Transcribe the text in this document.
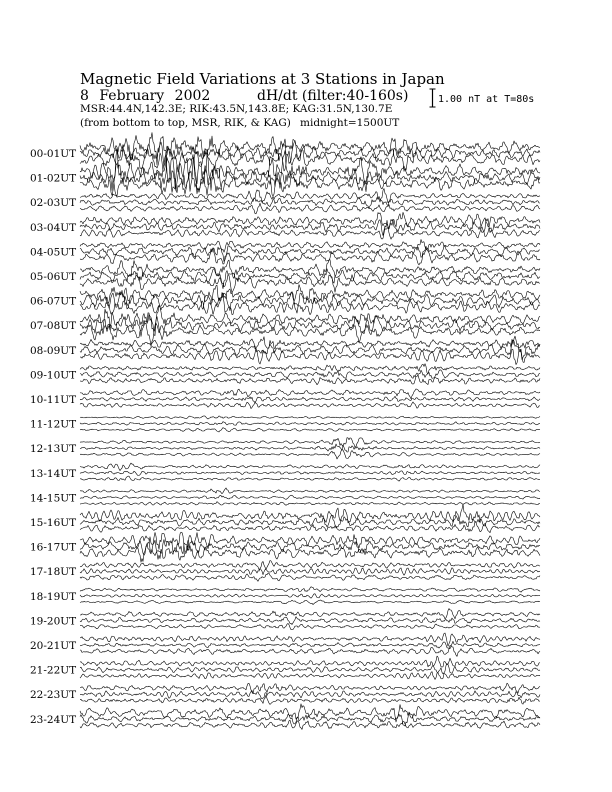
Magnetic Field Variations at 3 Stations in Japan
8 February 2002	dH/dt (filter:40-160s)
MSR:44.4N,142.3E; RIK:43.5N,143.8E; KAG:31.5N,130.7E
(from bottom to top, MSR, RIK, & KAG) midnight=1500UT
1.00 nT at T=80s
00-01UT
01-02UT
02-03UT
03-04UT
04-05UT
05-06UT
06-07UT
07-08UT
08-09UT
09-10UT
10-11UT
11-12UT
12-13UT
13-14UT
14-15UT
15-16UT
16-17UT
17-18UT
18-19UT
19-20UT
20-21UT
21-22UT
22-23UT
23-24UT
